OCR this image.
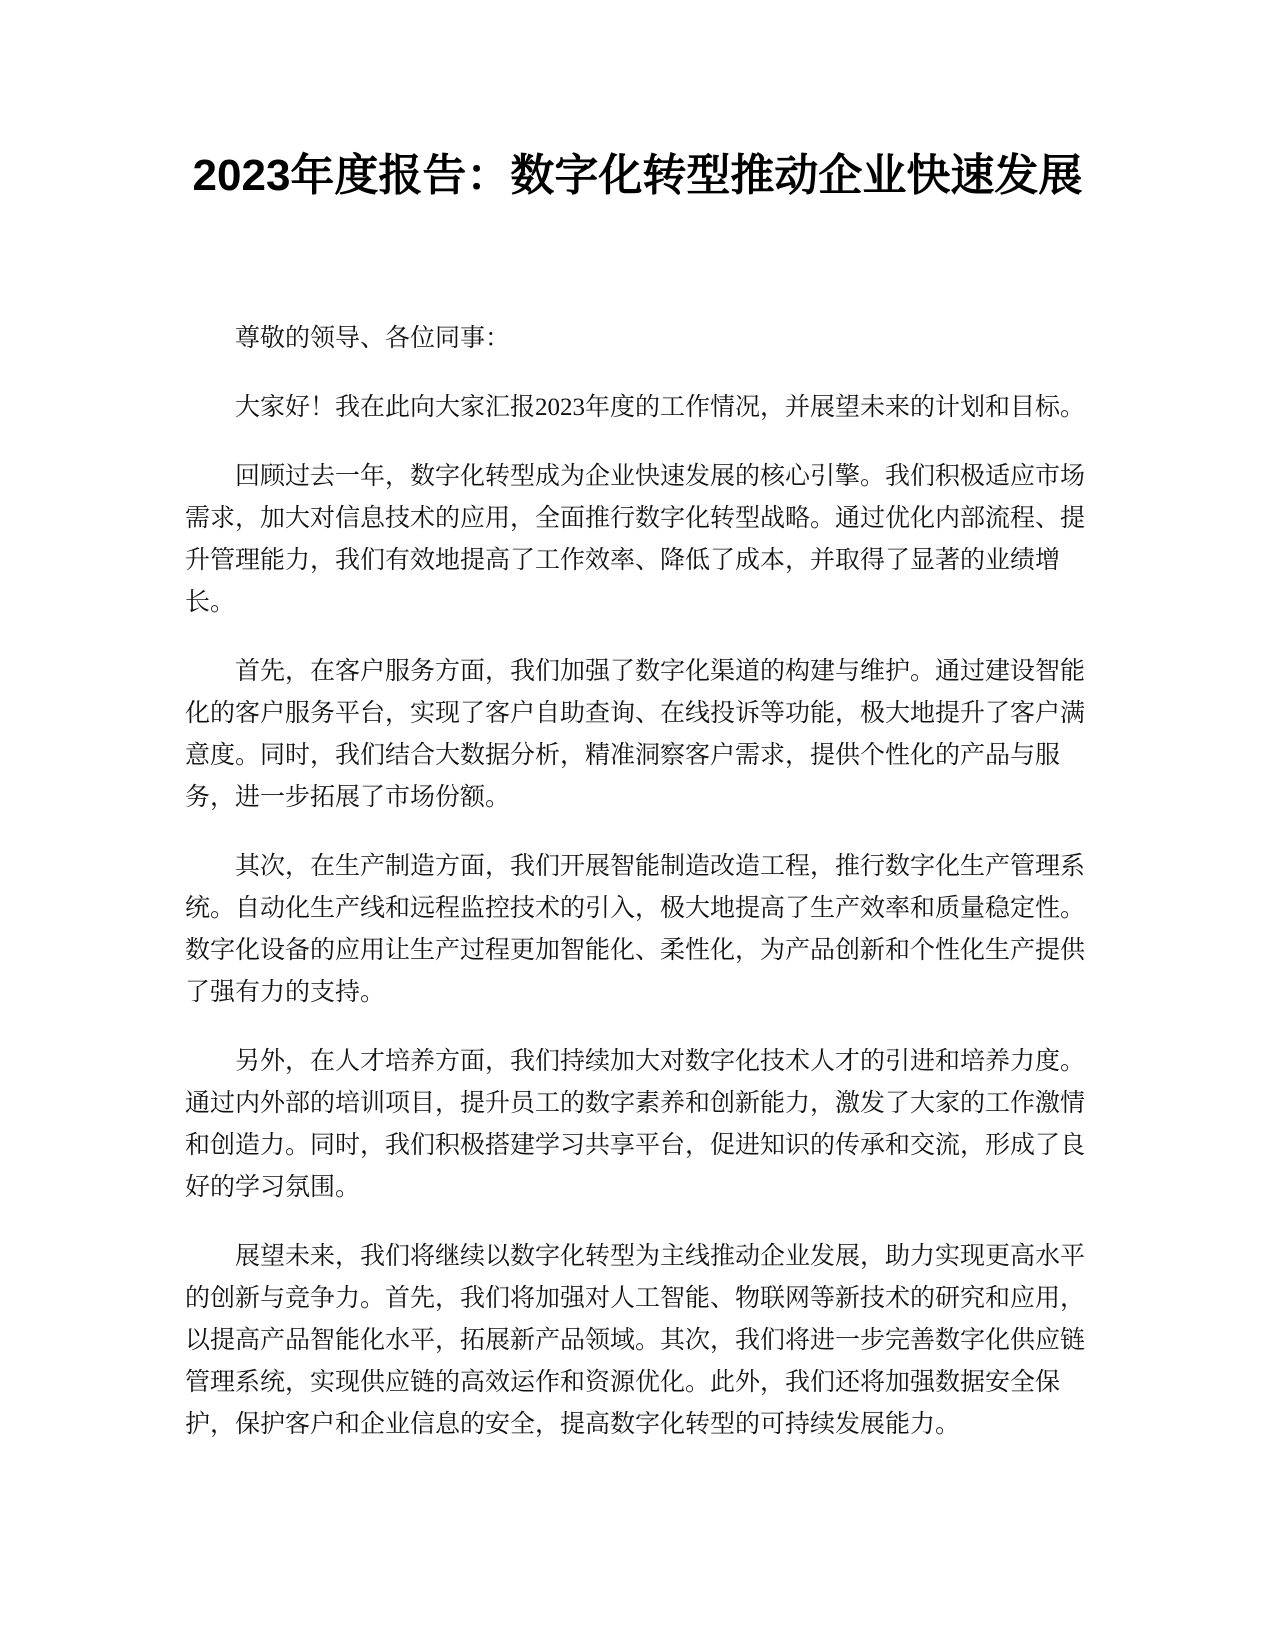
2023年度报告：数字化转型推动企业快速发展

尊敬的领导、各位同事：

大家好！我在此向大家汇报2023年度的工作情况，并展望未来的计划和目标。

回顾过去一年，数字化转型成为企业快速发展的核心引擎。我们积极适应市场需求，加大对信息技术的应用，全面推行数字化转型战略。通过优化内部流程、提升管理能力，我们有效地提高了工作效率、降低了成本，并取得了显著的业绩增长。

首先，在客户服务方面，我们加强了数字化渠道的构建与维护。通过建设智能化的客户服务平台，实现了客户自助查询、在线投诉等功能，极大地提升了客户满意度。同时，我们结合大数据分析，精准洞察客户需求，提供个性化的产品与服务，进一步拓展了市场份额。

其次，在生产制造方面，我们开展智能制造改造工程，推行数字化生产管理系统。自动化生产线和远程监控技术的引入，极大地提高了生产效率和质量稳定性。数字化设备的应用让生产过程更加智能化、柔性化，为产品创新和个性化生产提供了强有力的支持。

另外，在人才培养方面，我们持续加大对数字化技术人才的引进和培养力度。通过内外部的培训项目，提升员工的数字素养和创新能力，激发了大家的工作激情和创造力。同时，我们积极搭建学习共享平台，促进知识的传承和交流，形成了良好的学习氛围。

展望未来，我们将继续以数字化转型为主线推动企业发展，助力实现更高水平的创新与竞争力。首先，我们将加强对人工智能、物联网等新技术的研究和应用，以提高产品智能化水平，拓展新产品领域。其次，我们将进一步完善数字化供应链管理系统，实现供应链的高效运作和资源优化。此外，我们还将加强数据安全保护，保护客户和企业信息的安全，提高数字化转型的可持续发展能力。
